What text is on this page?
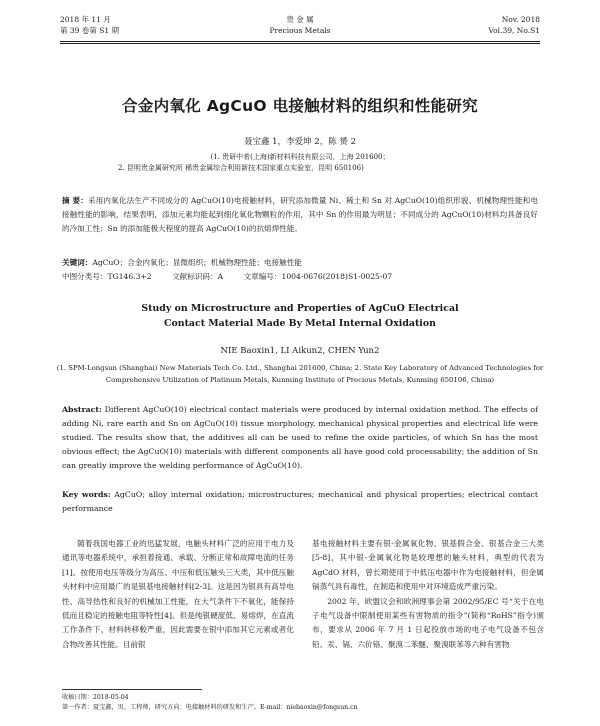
2018 年 11 月
第 39 卷第 S1 期
贵 金 属
Precious Metals
Nov. 2018
Vol.39, No.S1
合金内氧化 AgCuO 电接触材料的组织和性能研究
聂宝鑫 1，李爱坤 2，陈 赟 2
(1. 贵研中希(上海)新材料科技有限公司，上海 201600；
2. 昆明贵金属研究所 稀贵金属综合利用新技术国家重点实验室，昆明 650106)
摘 要：采用内氧化法生产不同成分的 AgCuO(10)电接触材料，研究添加微量 Ni、稀土和 Sn 对 AgCuO(10)组织形貌、机械物理性能和电接触性能的影响，结果表明，添加元素均能起到细化氧化物颗粒的作用，其中 Sn 的作用最为明显；不同成分的 AgCuO(10)材料均具备良好的冷加工性；Sn 的添加能极大程度的提高 AgCuO(10)的抗熔焊性能。
关键词：AgCuO；合金内氧化；显微组织；机械物理性能；电接触性能
中图分类号：TG146.3+2	文献标识码：A	文章编号：1004-0676(2018)S1-0025-07
Study on Microstructure and Properties of AgCuO Electrical
Contact Material Made By Metal Internal Oxidation
NIE Baoxin1, LI Aikun2, CHEN Yun2
(1. SPM-Longsun (Shanghai) New Materials Tech Co. Ltd., Shanghai 201600, China; 2. State Key Laboratory of Advanced Technologies for Comprehensive Utilization of Platinum Metals, Kunming Institute of Precious Metals, Kunming 650106, China)
Abstract: Different AgCuO(10) electrical contact materials were produced by internal oxidation method. The effects of adding Ni, rare earth and Sn on AgCuO(10) tissue morphology, mechanical physical properties and electrical life were studied. The results show that, the additives all can be used to refine the oxide particles, of which Sn has the most obvious effect; the AgCuO(10) materials with different components all have good cold processability; the addition of Sn can greatly improve the welding performance of AgCuO(10).
Key words: AgCuO; alloy internal oxidation; microstructures; mechanical and physical properties; electrical contact performance

随着我国电器工业的迅猛发展，电触头材料广泛的应用于电力及通讯等电器系统中，承担着接通、承载、分断正常和故障电流的任务[1]。按使用电压等级分为高压、中压和低压触头三大类，其中低压触头材料中应用最广的是银基电接触材料[2-3]。这是因为银具有高导电性、高导热性和良好的机械加工性能，在大气条件下不氧化，能保持低而且稳定的接触电阻等特性[4]。但是纯银硬度低、易熔焊，在直流工作条件下，材料转移較严重，因此需要在银中添加其它元素或者化合物改善其性能。目前银

基电接触材料主要有银-金属氧化物、银基假合金、银基合金三大类[5-8]，其中银-金属氧化物是较理想的触头材料，典型的代表为 AgCdO 材料，曾长期使用于中低压电器中作为电接触材料，但金属镉蒸气具有毒性，在制造和使用中对环境造成严重污染。

2002 年，欧盟议会和欧洲理事会第 2002/95/EC 号“关于在电子电气设备中限制使用某些有害物质的指令”(简称“RoHS”指令)颁布，要求从 2006 年 7 月 1 日起投放市场的电子电气设备不包含铅、汞、镉、六价铬、聚溴二苯醚、聚溴联苯等六种有害物

收稿日期：2018-05-04
第一作者：聂宝鑫，男，工程师，研究方向：电接触材料的研发和生产。E-mail：niebaoxin@fongsun.cn
